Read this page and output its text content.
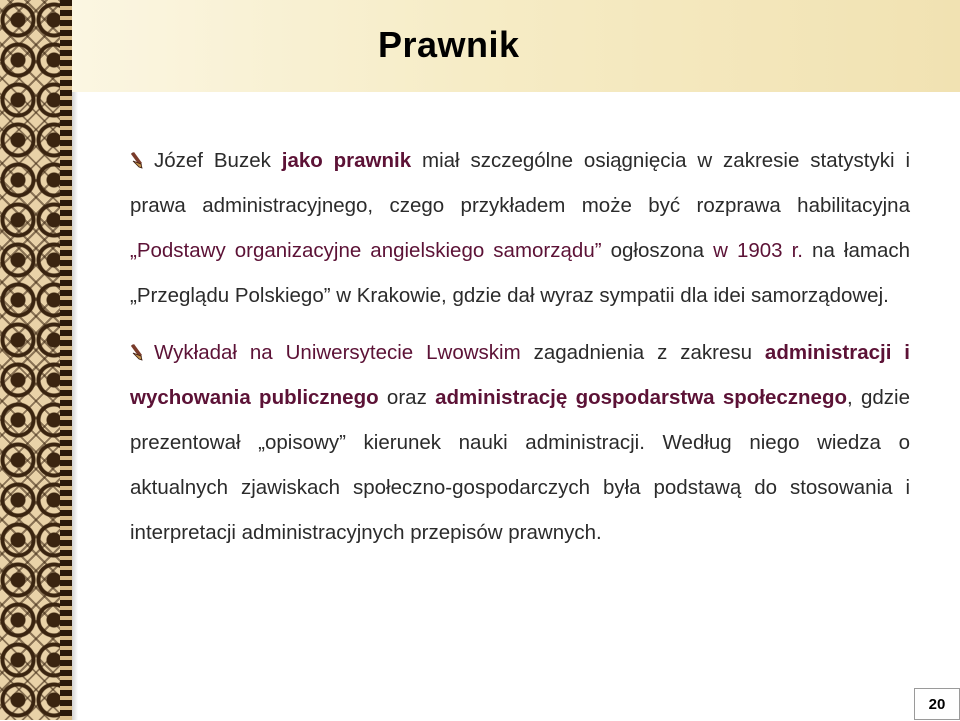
Prawnik

Józef Buzek jako prawnik miał szczególne osiągnięcia w zakresie statystyki i prawa administracyjnego, czego przykładem może być rozprawa habilitacyjna „Podstawy organizacyjne angielskiego samorządu” ogłoszona w 1903 r. na łamach „Przeglądu Polskiego” w Krakowie, gdzie dał wyraz sympatii dla idei samorządowej.

Wykładał na Uniwersytecie Lwowskim zagadnienia z zakresu administracji i wychowania publicznego oraz administrację gospodarstwa społecznego, gdzie prezentował „opisowy” kierunek nauki administracji. Według niego wiedza o aktualnych zjawiskach społeczno-gospodarczych była podstawą do stosowania i interpretacji administracyjnych przepisów prawnych.

20
